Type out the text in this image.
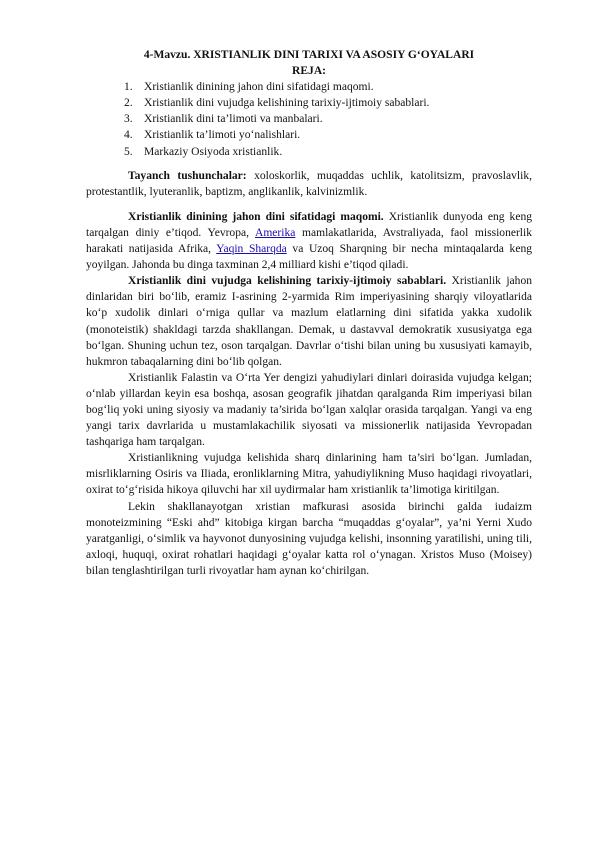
4-Mavzu. XRISTIANLIK DINI TARIXI VA ASOSIY G‘OYALARI

REJA:

1. Xristianlik dinining jahon dini sifatidagi maqomi.
2. Xristianlik dini vujudga kelishining tarixiy-ijtimoiy sabablari.
3. Xristianlik dini ta’limoti va manbalari.
4. Xristianlik ta’limoti yo‘nalishlari.
5. Markaziy Osiyoda xristianlik.

Tayanch tushunchalar: xoloskorlik, muqaddas uchlik, katolitsizm, pravoslavlik, protestantlik, lyuteranlik, baptizm, anglikanlik, kalvinizmlik.

Xristianlik dinining jahon dini sifatidagi maqomi. Xristianlik dunyoda eng keng tarqalgan diniy e’tiqod. Yevropa, Amerika mamlakatlarida, Avstraliyada, faol missionerlik harakati natijasida Afrika, Yaqin Sharqda va Uzoq Sharqning bir necha mintaqalarda keng yoyilgan. Jahonda bu dinga taxminan 2,4 milliard kishi e’tiqod qiladi.

Xristianlik dini vujudga kelishining tarixiy-ijtimoiy sabablari. Xristianlik jahon dinlaridan biri bo‘lib, eramiz I-asrining 2-yarmida Rim imperiyasining sharqiy viloyatlarida ko‘p xudolik dinlari o‘rniga qullar va mazlum elatlarning dini sifatida yakka xudolik (monoteistik) shakldagi tarzda shakllangan. Demak, u dastavval demokratik xususiyatga ega bo‘lgan. Shuning uchun tez, oson tarqalgan. Davrlar o‘tishi bilan uning bu xususiyati kamayib, hukmron tabaqalarning dini bo‘lib qolgan.

Xristianlik Falastin va O‘rta Yer dengizi yahudiylari dinlari doirasida vujudga kelgan; o‘nlab yillardan keyin esa boshqa, asosan geografik jihatdan qaralganda Rim imperiyasi bilan bog‘liq yoki uning siyosiy va madaniy ta’sirida bo‘lgan xalqlar orasida tarqalgan. Yangi va eng yangi tarix davrlarida u mustamlakachilik siyosati va missionerlik natijasida Yevropadan tashqariga ham tarqalgan.

Xristianlikning vujudga kelishida sharq dinlarining ham ta’siri bo‘lgan. Jumladan, misrliklarning Osiris va Iliada, eronliklarning Mitra, yahudiylikning Muso haqidagi rivoyatlari, oxirat to‘g‘risida hikoya qiluvchi har xil uydirmalar ham xristianlik ta’limotiga kiritilgan.

Lekin shakllanayotgan xristian mafkurasi asosida birinchi galda iudaizm monoteizmining “Eski ahd” kitobiga kirgan barcha “muqaddas g‘oyalar”, ya’ni Yerni Xudo yaratganligi, o‘simlik va hayvonot dunyosining vujudga kelishi, insonning yaratilishi, uning tili, axloqi, huquqi, oxirat rohatlari haqidagi g‘oyalar katta rol o‘ynagan. Xristos Muso (Moisey) bilan tenglashtirilgan turli rivoyatlar ham aynan ko‘chirilgan.
